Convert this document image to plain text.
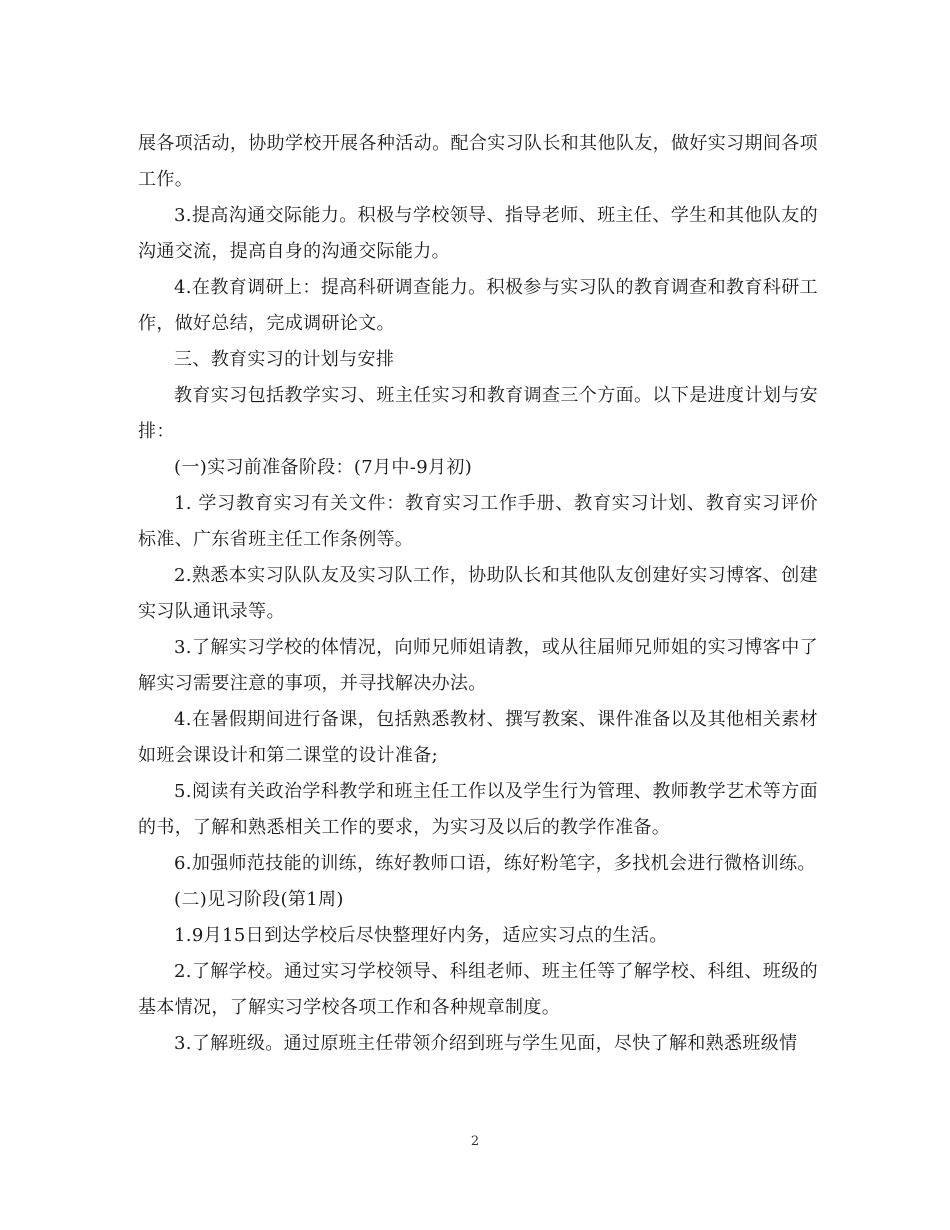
展各项活动，协助学校开展各种活动。配合实习队长和其他队友，做好实习期间各项工作。

3.提高沟通交际能力。积极与学校领导、指导老师、班主任、学生和其他队友的沟通交流，提高自身的沟通交际能力。

4.在教育调研上：提高科研调查能力。积极参与实习队的教育调查和教育科研工作，做好总结，完成调研论文。

三、教育实习的计划与安排

教育实习包括教学实习、班主任实习和教育调查三个方面。以下是进度计划与安排：

(一)实习前准备阶段：(7月中-9月初)

1. 学习教育实习有关文件：教育实习工作手册、教育实习计划、教育实习评价标准、广东省班主任工作条例等。

2.熟悉本实习队队友及实习队工作，协助队长和其他队友创建好实习博客、创建实习队通讯录等。

3.了解实习学校的体情况，向师兄师姐请教，或从往届师兄师姐的实习博客中了解实习需要注意的事项，并寻找解决办法。

4.在暑假期间进行备课，包括熟悉教材、撰写教案、课件准备以及其他相关素材如班会课设计和第二课堂的设计准备;

5.阅读有关政治学科教学和班主任工作以及学生行为管理、教师教学艺术等方面的书，了解和熟悉相关工作的要求，为实习及以后的教学作准备。

6.加强师范技能的训练，练好教师口语，练好粉笔字，多找机会进行微格训练。

(二)见习阶段(第1周)

1.9月15日到达学校后尽快整理好内务，适应实习点的生活。

2.了解学校。通过实习学校领导、科组老师、班主任等了解学校、科组、班级的基本情况，了解实习学校各项工作和各种规章制度。

3.了解班级。通过原班主任带领介绍到班与学生见面，尽快了解和熟悉班级情

2
